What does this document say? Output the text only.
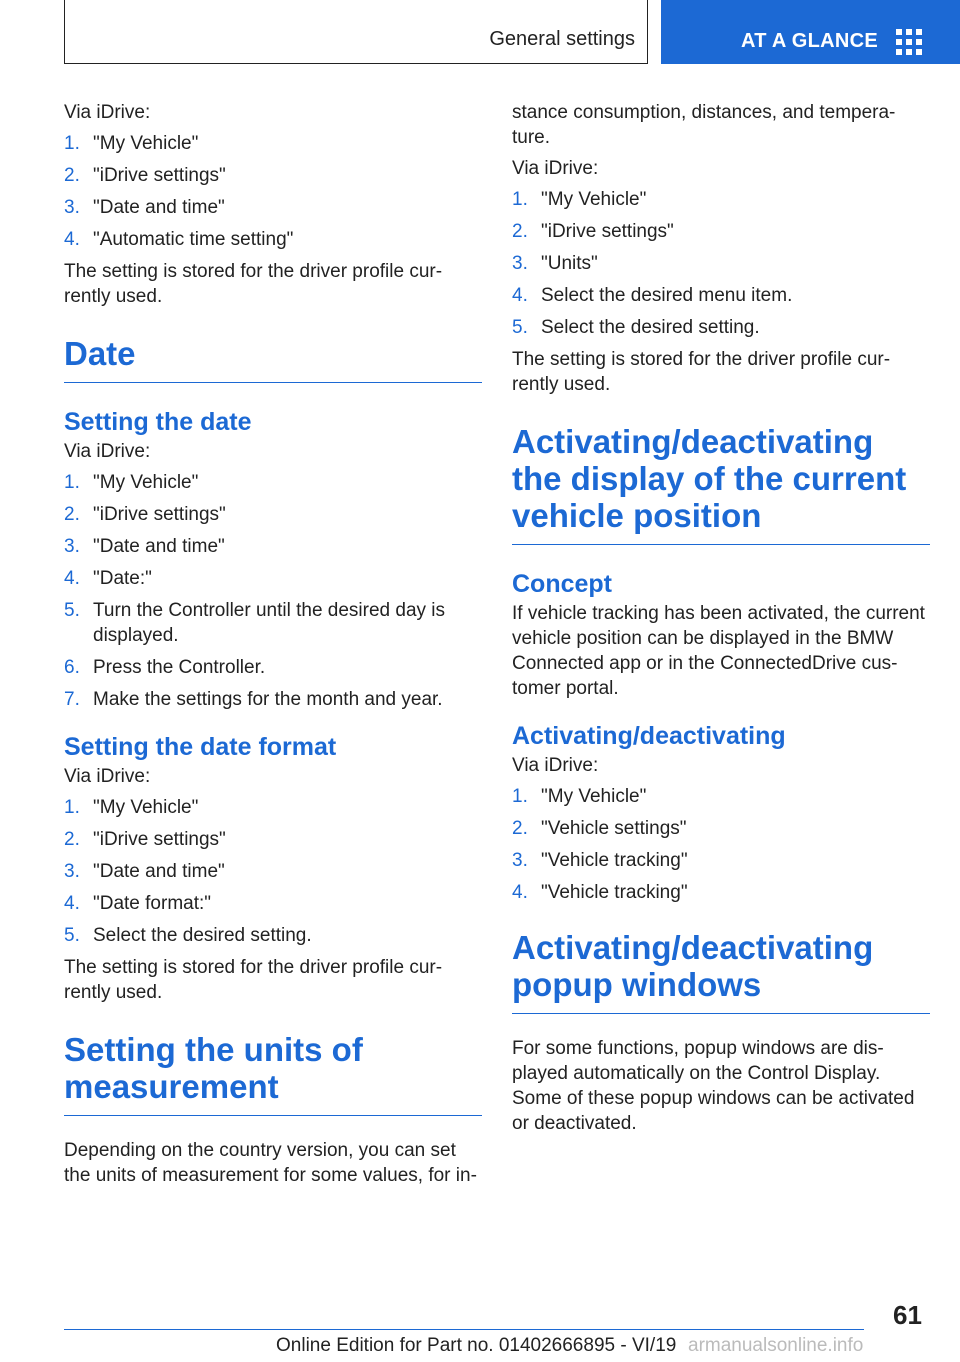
General settings	AT A GLANCE

Via iDrive:

1. "My Vehicle"
2. "iDrive settings"
3. "Date and time"
4. "Automatic time setting"

The setting is stored for the driver profile cur‐ rently used.

Date
Setting the date

Via iDrive:

1. "My Vehicle"
2. "iDrive settings"
3. "Date and time"
4. "Date:"
5. Turn the Controller until the desired day is displayed.
6. Press the Controller.
7. Make the settings for the month and year.
Setting the date format

Via iDrive:

1. "My Vehicle"
2. "iDrive settings"
3. "Date and time"
4. "Date format:"
5. Select the desired setting.

The setting is stored for the driver profile cur‐ rently used.

Setting the units of measurement

Depending on the country version, you can set the units of measurement for some values, for in‐

stance consumption, distances, and tempera‐ ture.

Via iDrive:

1. "My Vehicle"
2. "iDrive settings"
3. "Units"
4. Select the desired menu item.
5. Select the desired setting.

The setting is stored for the driver profile cur‐ rently used.

Activating/deactivating the display of the current vehicle position
Concept

If vehicle tracking has been activated, the current vehicle position can be displayed in the BMW Connected app or in the ConnectedDrive cus‐ tomer portal.

Activating/deactivating

Via iDrive:

1. "My Vehicle"
2. "Vehicle settings"
3. "Vehicle tracking"
4. "Vehicle tracking"
Activating/deactivating popup windows

For some functions, popup windows are dis‐ played automatically on the Control Display. Some of these popup windows can be activated or deactivated.

61
Online Edition for Part no. 01402666895 - VI/19 armanualsonline.info
